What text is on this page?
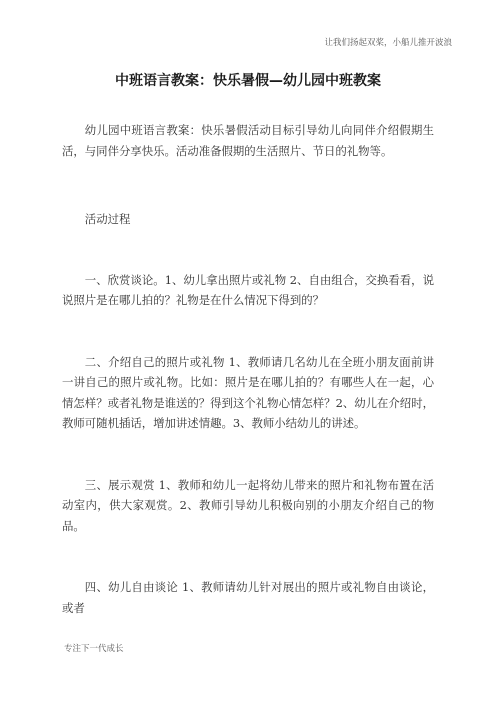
让我们扬起双桨，小船儿推开波浪
中班语言教案：快乐暑假—幼儿园中班教案

幼儿园中班语言教案：快乐暑假活动目标引导幼儿向同伴介绍假期生活，与同伴分享快乐。活动准备假期的生活照片、节日的礼物等。

活动过程

一、欣赏谈论。1、幼儿拿出照片或礼物 2、自由组合，交换看看，说说照片是在哪儿拍的？礼物是在什么情况下得到的？

二、介绍自己的照片或礼物 1、教师请几名幼儿在全班小朋友面前讲一讲自己的照片或礼物。比如：照片是在哪儿拍的？有哪些人在一起，心情怎样？或者礼物是谁送的？得到这个礼物心情怎样？2、幼儿在介绍时，教师可随机插话，增加讲述情趣。3、教师小结幼儿的讲述。

三、展示观赏 1、教师和幼儿一起将幼儿带来的照片和礼物布置在活动室内，供大家观赏。2、教师引导幼儿积极向别的小朋友介绍自己的物品。

四、幼儿自由谈论 1、教师请幼儿针对展出的照片或礼物自由谈论，或者

专注下一代成长
